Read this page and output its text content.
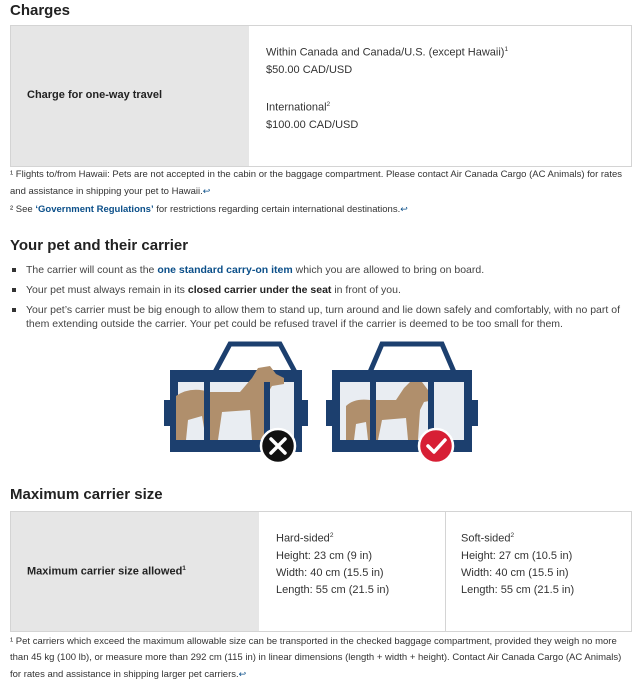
Charges
Charge for one-way travel
Within Canada and Canada/U.S. (except Hawaii)$^1$
$50.00 CAD/USD
International$^2$
$100.00 CAD/USD
¹ Flights to/from Hawaii: Pets are not accepted in the cabin or the baggage compartment. Please contact Air Canada Cargo (AC Animals) for rates and assistance in shipping your pet to Hawaii.↩
² See ‘Government Regulations’ for restrictions regarding certain international destinations.↩
Your pet and their carrier
The carrier will count as the one standard carry-on item which you are allowed to bring on board.
Your pet must always remain in its closed carrier under the seat in front of you.
Your pet’s carrier must be big enough to allow them to stand up, turn around and lie down safely and comfortably, with no part of them extending outside the carrier. Your pet could be refused travel if the carrier is deemed to be too small for them.
Maximum carrier size
Maximum carrier size allowed$^1$
Hard-sided$^2$
Height: 23 cm (9 in)
Width: 40 cm (15.5 in)
Length: 55 cm (21.5 in)
Soft-sided$^2$
Height: 27 cm (10.5 in)
Width: 40 cm (15.5 in)
Length: 55 cm (21.5 in)
¹ Pet carriers which exceed the maximum allowable size can be transported in the checked baggage compartment, provided they weigh no more than 45 kg (100 lb), or measure more than 292 cm (115 in) in linear dimensions (length + width + height). Contact Air Canada Cargo (AC Animals) for rates and assistance in shipping larger pet carriers.↩
